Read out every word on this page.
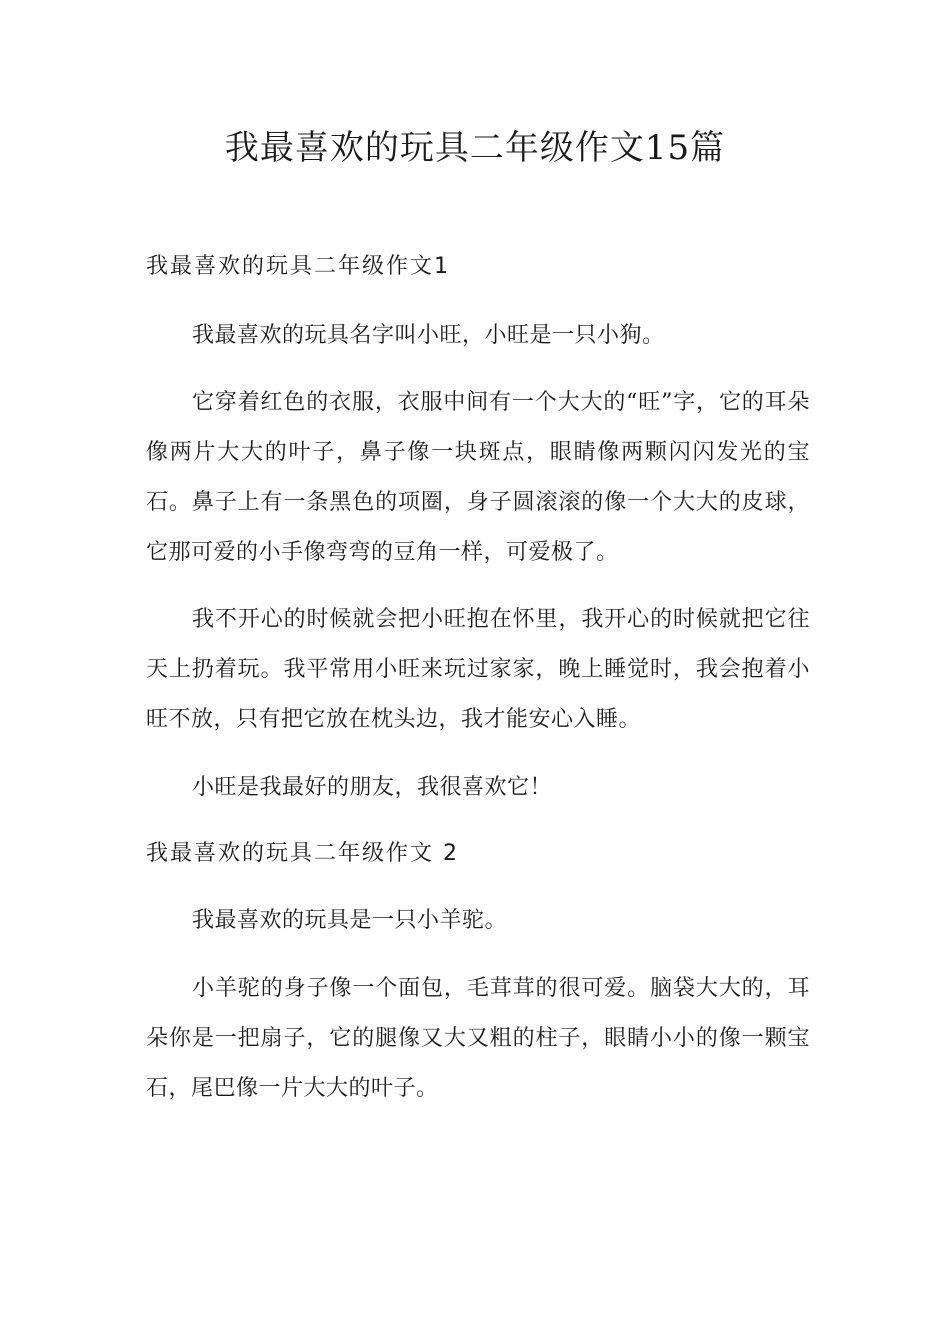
我最喜欢的玩具二年级作文15篇
我最喜欢的玩具二年级作文1

我最喜欢的玩具名字叫小旺，小旺是一只小狗。

它穿着红色的衣服，衣服中间有一个大大的“旺”字，它的耳朵像两片大大的叶子，鼻子像一块斑点，眼睛像两颗闪闪发光的宝石。鼻子上有一条黑色的项圈，身子圆滚滚的像一个大大的皮球，它那可爱的小手像弯弯的豆角一样，可爱极了。

我不开心的时候就会把小旺抱在怀里，我开心的时候就把它往天上扔着玩。我平常用小旺来玩过家家，晚上睡觉时，我会抱着小旺不放，只有把它放在枕头边，我才能安心入睡。

小旺是我最好的朋友，我很喜欢它！

我最喜欢的玩具二年级作文 2

我最喜欢的玩具是一只小羊驼。

小羊驼的身子像一个面包，毛茸茸的很可爱。脑袋大大的，耳朵你是一把扇子，它的腿像又大又粗的柱子，眼睛小小的像一颗宝石，尾巴像一片大大的叶子。
